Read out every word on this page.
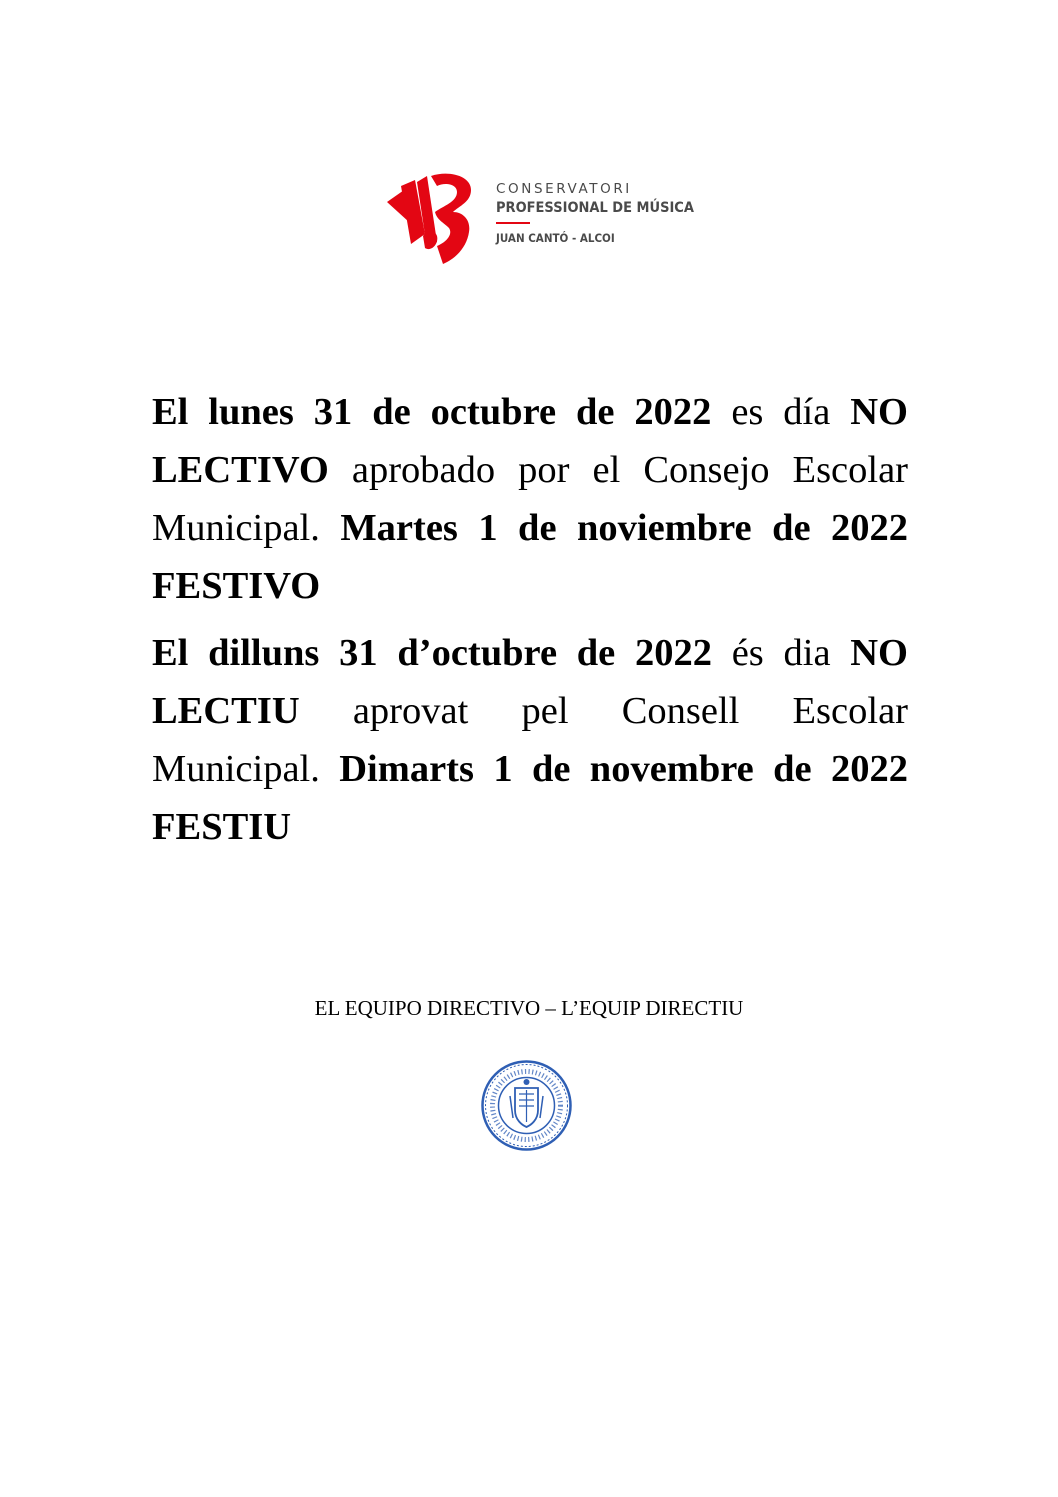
CONSERVATORI
PROFESSIONAL DE MÚSICA
JUAN CANTÓ - ALCOI

El lunes 31 de octubre de 2022 es día NO LECTIVO aprobado por el Consejo Escolar Municipal. Martes 1 de noviembre de 2022 FESTIVO

El dilluns 31 d’octubre de 2022 és dia NO LECTIU aprovat pel Consell Escolar Municipal. Dimarts 1 de novembre de 2022 FESTIU

EL EQUIPO DIRECTIVO – L’EQUIP DIRECTIU
